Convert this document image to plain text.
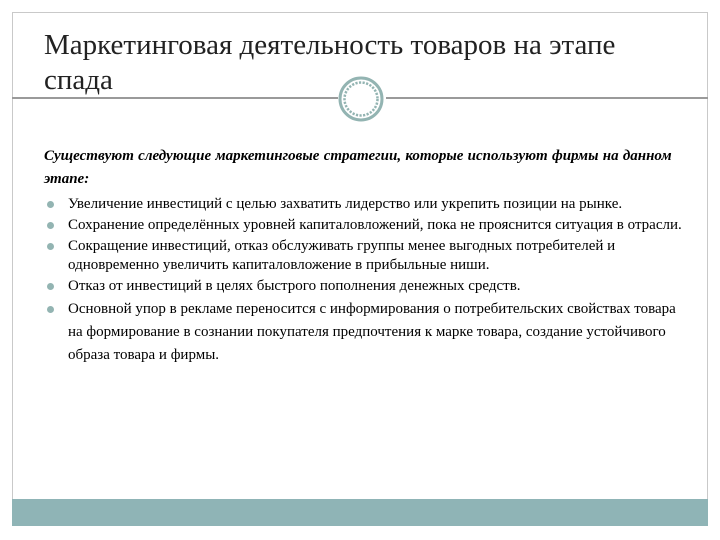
Маркетинговая деятельность товаров на этапе спада

Существуют следующие маркетинговые стратегии, которые используют фирмы на данном этапе:

Увеличение инвестиций с целью захватить лидерство или укрепить позиции на рынке.
Сохранение определённых уровней капиталовложений, пока не прояснится ситуация в отрасли.
Сокращение инвестиций, отказ обслуживать группы менее выгодных потребителей и одновременно увеличить капиталовложение в прибыльные ниши.
Отказ от инвестиций в целях быстрого пополнения денежных средств.
Основной упор в рекламе переносится с информирования о потребительских свойствах товара на формирование в сознании покупателя предпочтения к марке товара, создание устойчивого образа товара и фирмы.
